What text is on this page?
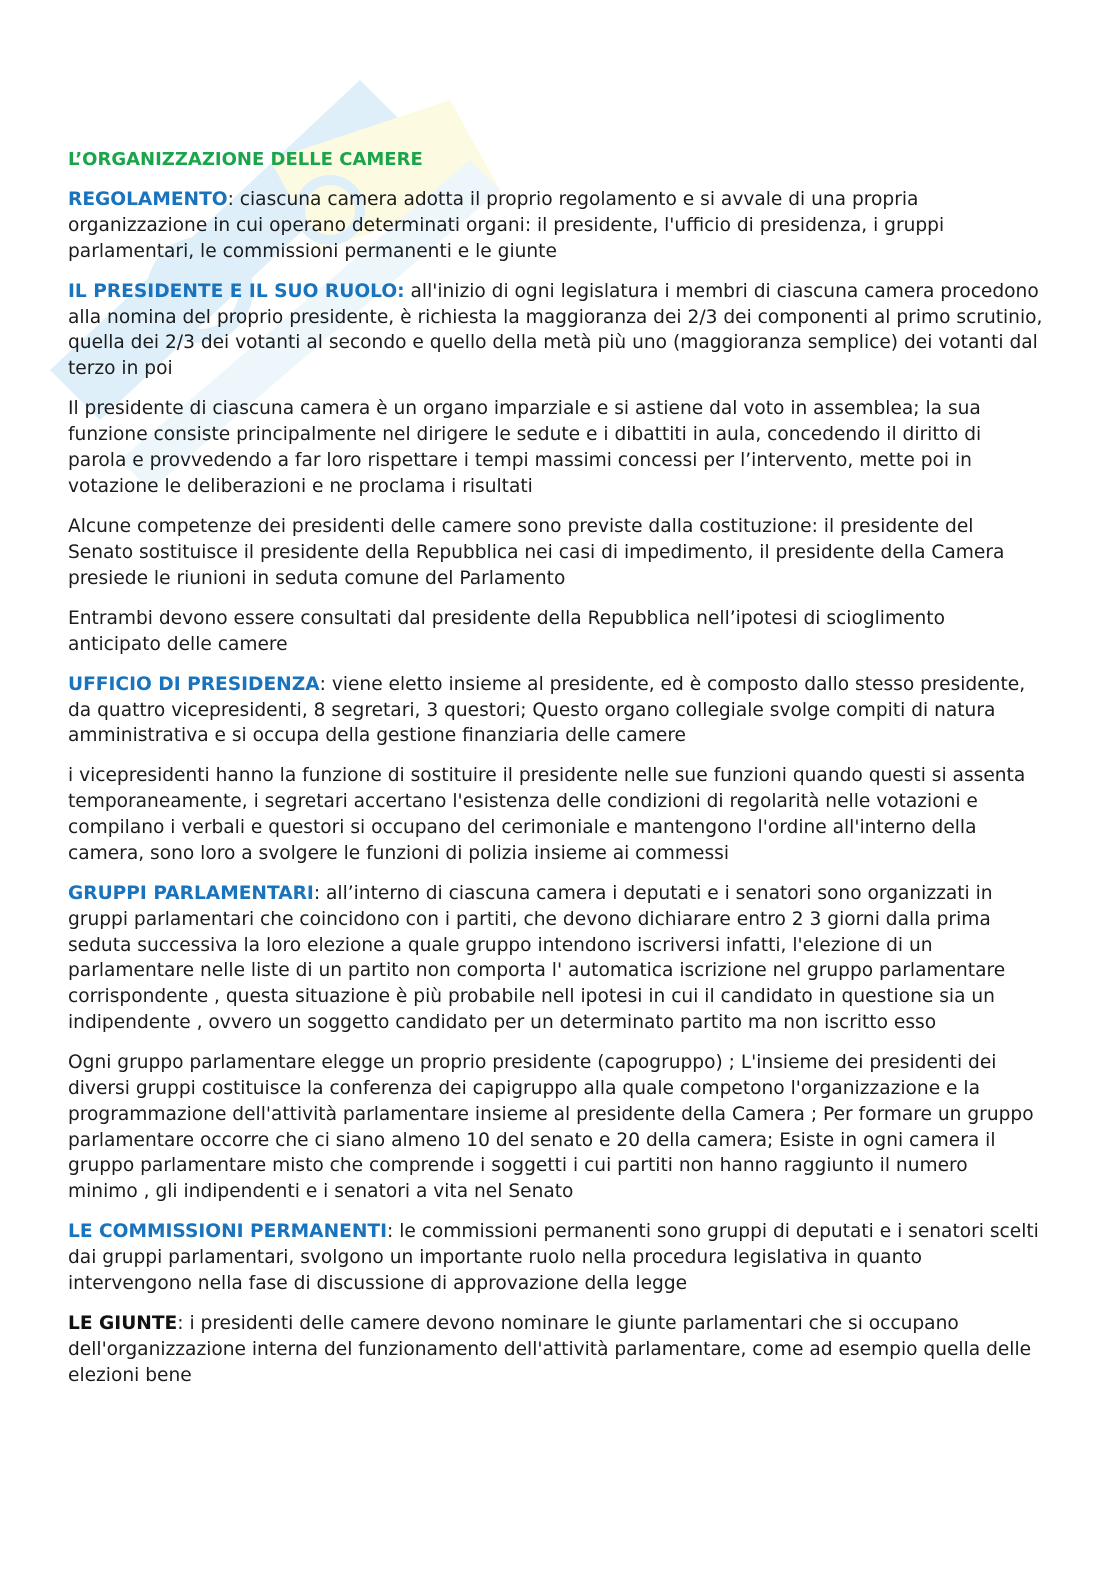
L’ORGANIZZAZIONE DELLE CAMERE

REGOLAMENTO: ciascuna camera adotta il proprio regolamento e si avvale di una propria organizzazione in cui operano determinati organi: il presidente, l'ufficio di presidenza, i gruppi parlamentari, le commissioni permanenti e le giunte

IL PRESIDENTE E IL SUO RUOLO: all'inizio di ogni legislatura i membri di ciascuna camera procedono alla nomina del proprio presidente, è richiesta la maggioranza dei 2/3 dei componenti al primo scrutinio, quella dei 2/3 dei votanti al secondo e quello della metà più uno (maggioranza semplice) dei votanti dal terzo in poi

Il presidente di ciascuna camera è un organo imparziale e si astiene dal voto in assemblea; la sua funzione consiste principalmente nel dirigere le sedute e i dibattiti in aula, concedendo il diritto di parola e provvedendo a far loro rispettare i tempi massimi concessi per l’intervento, mette poi in votazione le deliberazioni e ne proclama i risultati

Alcune competenze dei presidenti delle camere sono previste dalla costituzione: il presidente del Senato sostituisce il presidente della Repubblica nei casi di impedimento, il presidente della Camera presiede le riunioni in seduta comune del Parlamento

Entrambi devono essere consultati dal presidente della Repubblica nell’ipotesi di scioglimento anticipato delle camere

UFFICIO DI PRESIDENZA: viene eletto insieme al presidente, ed è composto dallo stesso presidente, da quattro vicepresidenti, 8 segretari, 3 questori; Questo organo collegiale svolge compiti di natura amministrativa e si occupa della gestione finanziaria delle camere

i vicepresidenti hanno la funzione di sostituire il presidente nelle sue funzioni quando questi si assenta temporaneamente, i segretari accertano l'esistenza delle condizioni di regolarità nelle votazioni e compilano i verbali e questori si occupano del cerimoniale e mantengono l'ordine all'interno della camera, sono loro a svolgere le funzioni di polizia insieme ai commessi

GRUPPI PARLAMENTARI: all’interno di ciascuna camera i deputati e i senatori sono organizzati in gruppi parlamentari che coincidono con i partiti, che devono dichiarare entro 2 3 giorni dalla prima seduta successiva la loro elezione a quale gruppo intendono iscriversi infatti, l'elezione di un parlamentare nelle liste di un partito non comporta l' automatica iscrizione nel gruppo parlamentare corrispondente , questa situazione è più probabile nell ipotesi in cui il candidato in questione sia un indipendente , ovvero un soggetto candidato per un determinato partito ma non iscritto esso

Ogni gruppo parlamentare elegge un proprio presidente (capogruppo) ; L'insieme dei presidenti dei diversi gruppi costituisce la conferenza dei capigruppo alla quale competono l'organizzazione e la programmazione dell'attività parlamentare insieme al presidente della Camera ; Per formare un gruppo parlamentare occorre che ci siano almeno 10 del senato e 20 della camera; Esiste in ogni camera il gruppo parlamentare misto che comprende i soggetti i cui partiti non hanno raggiunto il numero minimo , gli indipendenti e i senatori a vita nel Senato

LE COMMISSIONI PERMANENTI: le commissioni permanenti sono gruppi di deputati e i senatori scelti dai gruppi parlamentari, svolgono un importante ruolo nella procedura legislativa in quanto intervengono nella fase di discussione di approvazione della legge

LE GIUNTE: i presidenti delle camere devono nominare le giunte parlamentari che si occupano dell'organizzazione interna del funzionamento dell'attività parlamentare, come ad esempio quella delle elezioni bene
